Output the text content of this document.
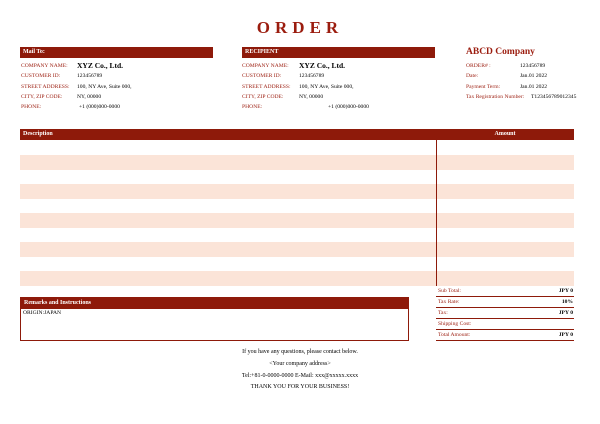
ORDER
Mail To:
COMPANY NAME: XYZ Co., Ltd.
CUSTOMER ID:	123456789
STREET ADDRESS: 100, NY Ave, Suite 000,
CITY, ZIP CODE:	NY, 00000
PHONE:	+1 (000)000-0000
RECIPIENT
COMPANY NAME: XYZ Co., Ltd.
CUSTOMER ID:	123456789
STREET ADDRESS: 100, NY Ave, Suite 000,
CITY, ZIP CODE:	NY, 00000
PHONE:	+1 (000)000-0000
ABCD Company
ORDER# :	123456789
Date:	Jan.01 2022
Payment Term:	Jan.01 2022
Tax Registration Number: T123456789012345
Description	Amount
Remarks and Instructions
ORIGIN:JAPAN
Sub Total:	JPY 0
Tax Rate:	10%
Tax:	JPY 0
Shipping Cost:
Total Amount:	JPY 0
If you have any questions, please contact below.
<Your company address>
Tel:+81-0-0000-0000 E-Mail: xxx@xxxxx.xxxx
THANK YOU FOR YOUR BUSINESS!
